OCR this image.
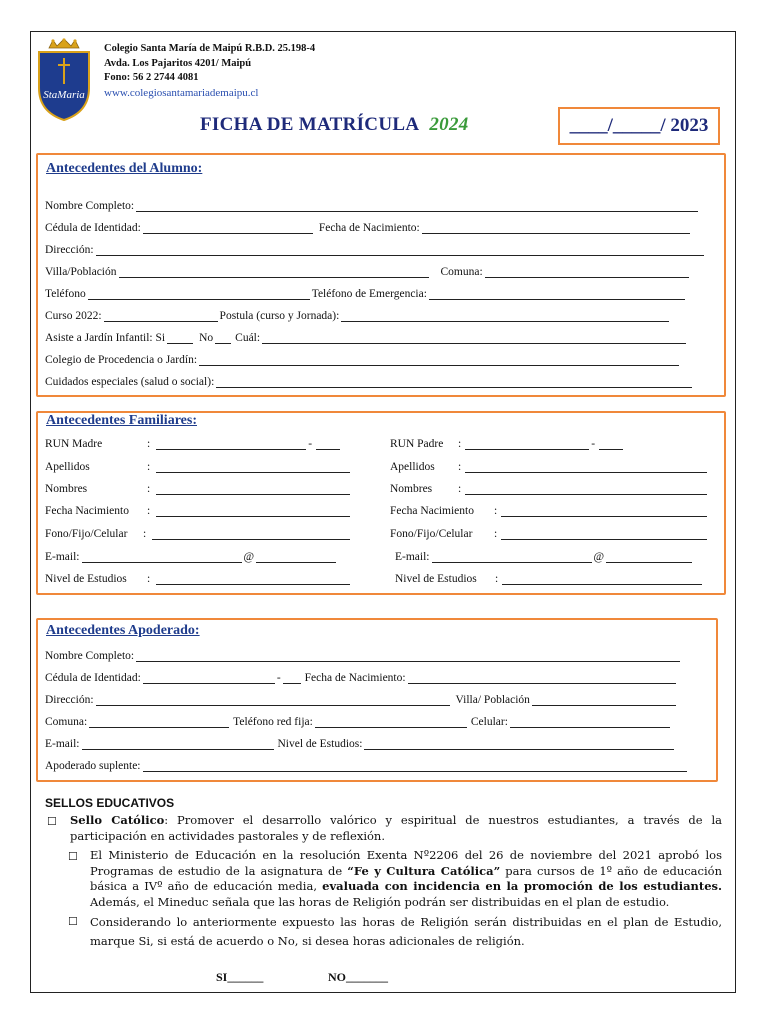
StaMaria
Colegio Santa María de Maipú R.B.D. 25.198-4
Avda. Los Pajaritos 4201/ Maipú
Fono: 56 2 2744 4081
www.colegiosantamariademaipu.cl
FICHA DE MATRÍCULA 2024	____/_____/ 2023
Antecedentes del Alumno:
Nombre Completo:
Cédula de Identidad:	Fecha de Nacimiento:
Dirección:
Villa/Población	Comuna:
Teléfono	Teléfono de Emergencia:
Curso 2022:	Postula (curso y Jornada):
Asiste a Jardín Infantil: Si	No Cuál:
Colegio de Procedencia o Jardín:
Cuidados especiales (salud o social):
Antecedentes Familiares:
RUN Madre	:	-
Apellidos	:
Nombres	:
Fecha Nacimiento	:
Fono/Fijo/Celular	:
E-mail:	@
Nivel de Estudios	:
RUN Padre	:	-
Apellidos	:
Nombres	:
Fecha Nacimiento	:
Fono/Fijo/Celular	:
E-mail:	@
Nivel de Estudios	:
Antecedentes Apoderado:
Nombre Completo:
Cédula de Identidad:	- Fecha de Nacimiento:
Dirección:	Villa/ Población
Comuna:	Teléfono red fija:	Celular:
E-mail:	Nivel de Estudios:
Apoderado suplente:
SELLOS EDUCATIVOS
☐ Sello Católico: Promover el desarrollo valórico y espiritual de nuestros estudiantes, a través de la participación en actividades pastorales y de reflexión.
☐ El Ministerio de Educación en la resolución Exenta Nº2206 del 26 de noviembre del 2021 aprobó los Programas de estudio de la asignatura de “Fe y Cultura Católica” para cursos de 1º año de educación básica a IVº año de educación media, evaluada con incidencia en la promoción de los estudiantes. Además, el Mineduc señala que las horas de Religión podrán ser distribuidas en el plan de estudio.
☐ Considerando lo anteriormente expuesto las horas de Religión serán distribuidas en el plan de Estudio, marque Si, si está de acuerdo o No, si desea horas adicionales de religión.
SI______	NO_______
